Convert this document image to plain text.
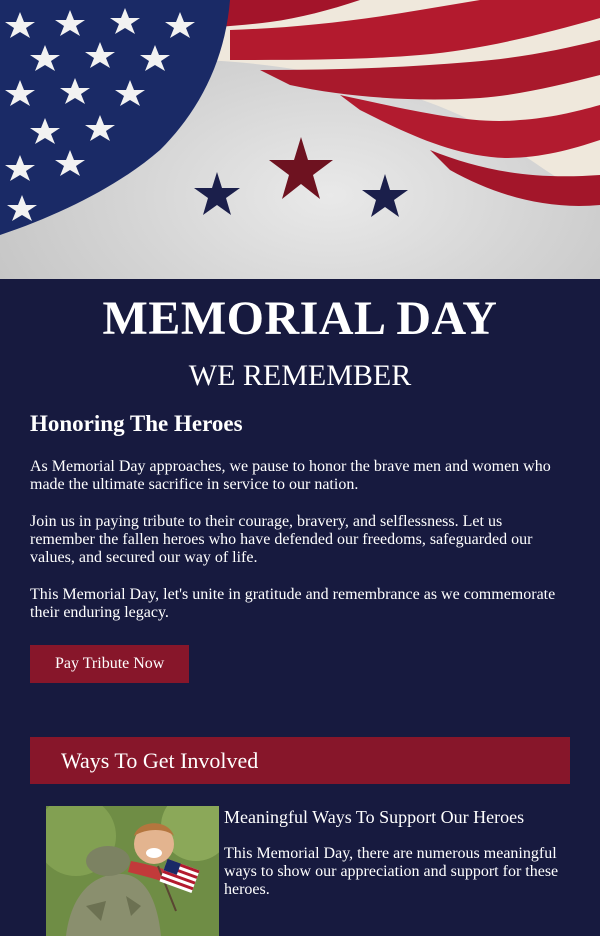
MEMORIAL DAY
WE REMEMBER
Honoring The Heroes

As Memorial Day approaches, we pause to honor the brave men and women who made the ultimate sacrifice in service to our nation.

Join us in paying tribute to their courage, bravery, and selflessness. Let us remember the fallen heroes who have defended our freedoms, safeguarded our values, and secured our way of life.

This Memorial Day, let's unite in gratitude and remembrance as we commemorate their enduring legacy.

Pay Tribute Now
Ways To Get Involved
Meaningful Ways To Support Our Heroes

This Memorial Day, there are numerous meaningful ways to show our appreciation and support for these heroes.
